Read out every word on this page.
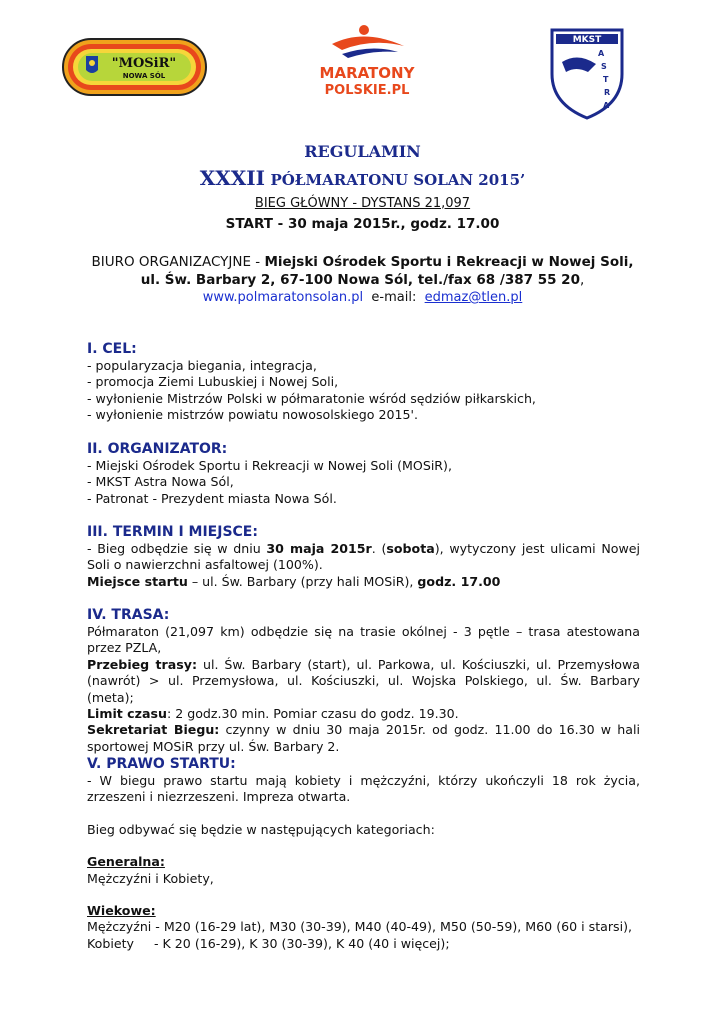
"MOSiR"
NOWA SÓL	MARATONY
POLSKIE.PL
MKST
A
S
T
R
A
REGULAMIN
XXXII PÓŁMARATONU SOLAN 2015’
BIEG GŁÓWNY - DYSTANS 21,097
START - 30 maja 2015r., godz. 17.00
BIURO ORGANIZACYJNE - Miejski Ośrodek Sportu i Rekreacji w Nowej Soli,
ul. Św. Barbary 2, 67-100 Nowa Sól, tel./fax 68 /387 55 20,
www.polmaratonsolan.pl e-mail: edmaz@tlen.pl

I. CEL:

- popularyzacja biegania, integracja,

- promocja Ziemi Lubuskiej i Nowej Soli,

- wyłonienie Mistrzów Polski w półmaratonie wśród sędziów piłkarskich,

- wyłonienie mistrzów powiatu nowosolskiego 2015'.

II. ORGANIZATOR:

- Miejski Ośrodek Sportu i Rekreacji w Nowej Soli (MOSiR),

- MKST Astra Nowa Sól,

- Patronat - Prezydent miasta Nowa Sól.

III. TERMIN I MIEJSCE:

- Bieg odbędzie się w dniu 30 maja 2015r. (sobota), wytyczony jest ulicami Nowej Soli o nawierzchni asfaltowej (100%).

Miejsce startu – ul. Św. Barbary (przy hali MOSiR), godz. 17.00

IV. TRASA:

Półmaraton (21,097 km) odbędzie się na trasie okólnej - 3 pętle – trasa atestowana przez PZLA,

Przebieg trasy: ul. Św. Barbary (start), ul. Parkowa, ul. Kościuszki, ul. Przemysłowa (nawrót) > ul. Przemysłowa, ul. Kościuszki, ul. Wojska Polskiego, ul. Św. Barbary (meta);

Limit czasu: 2 godz.30 min. Pomiar czasu do godz. 19.30.

Sekretariat Biegu: czynny w dniu 30 maja 2015r. od godz. 11.00 do 16.30 w hali sportowej MOSiR przy ul. Św. Barbary 2.

V. PRAWO STARTU:

- W biegu prawo startu mają kobiety i mężczyźni, którzy ukończyli 18 rok życia, zrzeszeni i niezrzeszeni. Impreza otwarta.

Bieg odbywać się będzie w następujących kategoriach:

Generalna:

Mężczyźni i Kobiety,

Wiekowe:

Mężczyźni - M20 (16-29 lat), M30 (30-39), M40 (40-49), M50 (50-59), M60 (60 i starsi),

Kobiety     - K 20 (16-29), K 30 (30-39), K 40 (40 i więcej);
